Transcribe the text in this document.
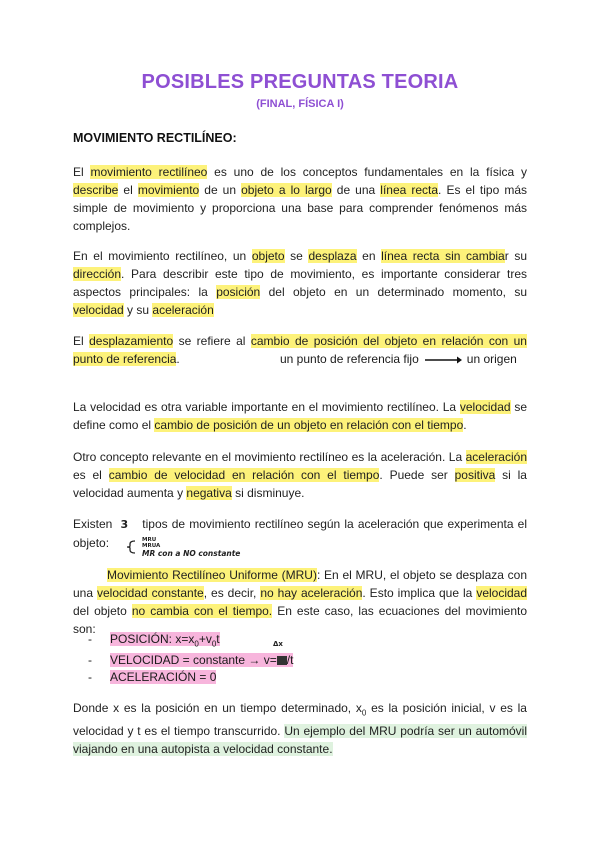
POSIBLES PREGUNTAS TEORIA
(FINAL, FÍSICA I)
MOVIMIENTO RECTILÍNEO:
El movimiento rectilíneo es uno de los conceptos fundamentales en la física y describe el movimiento de un objeto a lo largo de una línea recta. Es el tipo más simple de movimiento y proporciona una base para comprender fenómenos más complejos.
En el movimiento rectilíneo, un objeto se desplaza en línea recta sin cambiar su dirección. Para describir este tipo de movimiento, es importante considerar tres aspectos principales: la posición del objeto en un determinado momento, su velocidad y su aceleración
El desplazamiento se refiere al cambio de posición del objeto en relación con un punto de referencia.	un punto de referencia fijo	un origen
La velocidad es otra variable importante en el movimiento rectilíneo. La velocidad se define como el cambio de posición de un objeto en relación con el tiempo.
Otro concepto relevante en el movimiento rectilíneo es la aceleración. La aceleración es el cambio de velocidad en relación con el tiempo. Puede ser positiva si la velocidad aumenta y negativa si disminuye.
Existen 3 tipos de movimiento rectilíneo según la aceleración que experimenta el objeto:	MRU
MRUA
MR con a NO constante
Movimiento Rectilíneo Uniforme (MRU): En el MRU, el objeto se desplaza con una velocidad constante, es decir, no hay aceleración. Esto implica que la velocidad del objeto no cambia con el tiempo. En este caso, las ecuaciones del movimiento son:
- POSICIÓN: $x=x_0+v_0t$
- VELOCIDAD = constante → v= /t
- ACELERACIÓN = 0
Δx
Donde x es la posición en un tiempo determinado, $x_0$ es la posición inicial, v es la velocidad y t es el tiempo transcurrido. Un ejemplo del MRU podría ser un automóvil viajando en una autopista a velocidad constante.
